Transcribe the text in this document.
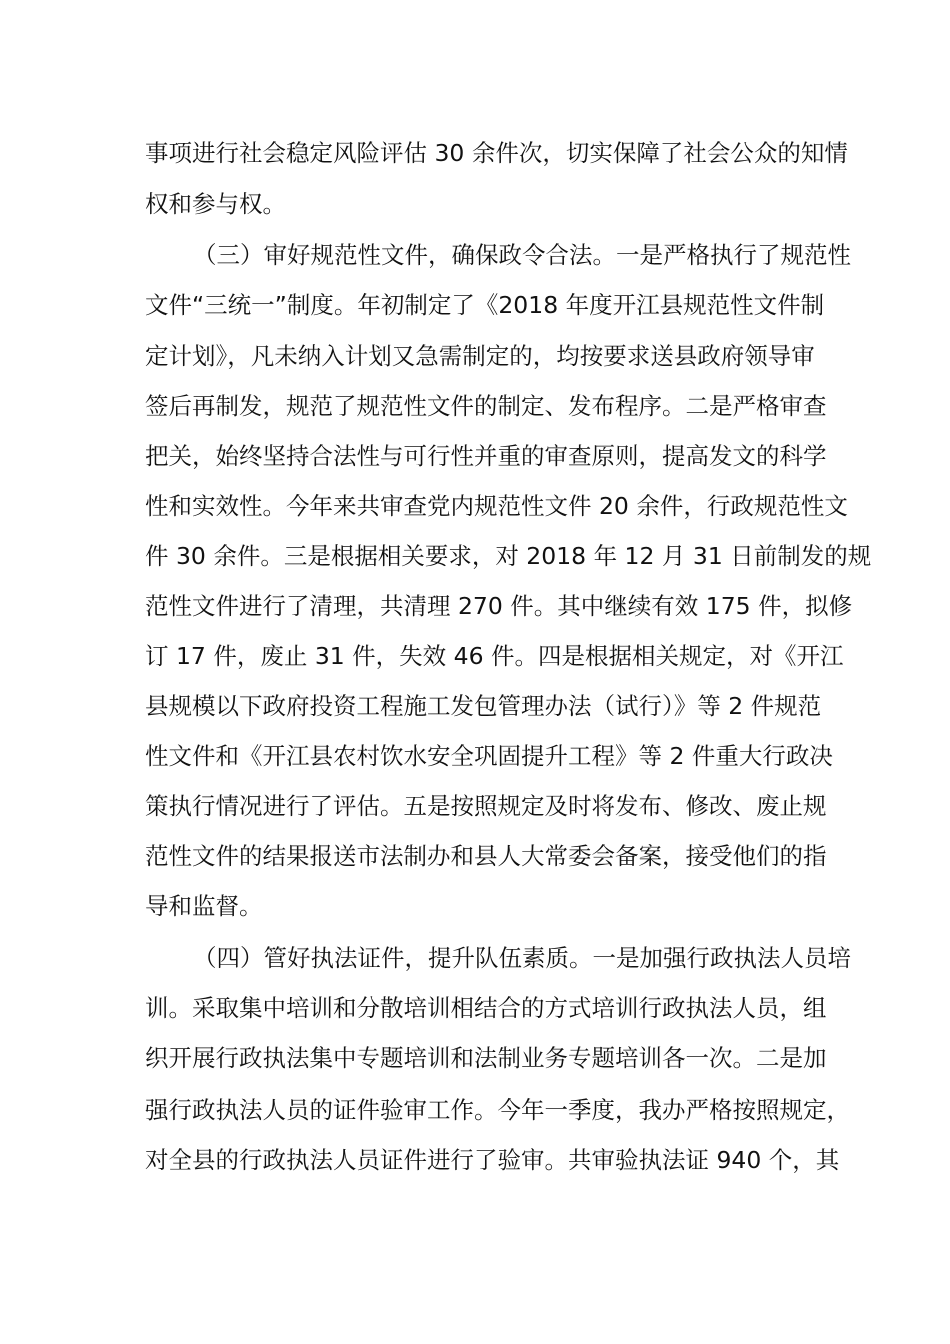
事项进行社会稳定风险评估 30 余件次，切实保障了社会公众的知情
权和参与权。
（三）审好规范性文件，确保政令合法。一是严格执行了规范性
文件“三统一”制度。年初制定了《2018 年度开江县规范性文件制
定计划》，凡未纳入计划又急需制定的，均按要求送县政府领导审
签后再制发，规范了规范性文件的制定、发布程序。二是严格审查
把关，始终坚持合法性与可行性并重的审查原则，提高发文的科学
性和实效性。今年来共审查党内规范性文件 20 余件，行政规范性文
件 30 余件。三是根据相关要求，对 2018 年 12 月 31 日前制发的规
范性文件进行了清理，共清理 270 件。其中继续有效 175 件，拟修
订 17 件，废止 31 件，失效 46 件。四是根据相关规定，对《开江
县规模以下政府投资工程施工发包管理办法（试行）》等 2 件规范
性文件和《开江县农村饮水安全巩固提升工程》等 2 件重大行政决
策执行情况进行了评估。五是按照规定及时将发布、修改、废止规
范性文件的结果报送市法制办和县人大常委会备案，接受他们的指
导和监督。
（四）管好执法证件，提升队伍素质。一是加强行政执法人员培
训。采取集中培训和分散培训相结合的方式培训行政执法人员，组
织开展行政执法集中专题培训和法制业务专题培训各一次。二是加
强行政执法人员的证件验审工作。今年一季度，我办严格按照规定，
对全县的行政执法人员证件进行了验审。共审验执法证 940 个，其
